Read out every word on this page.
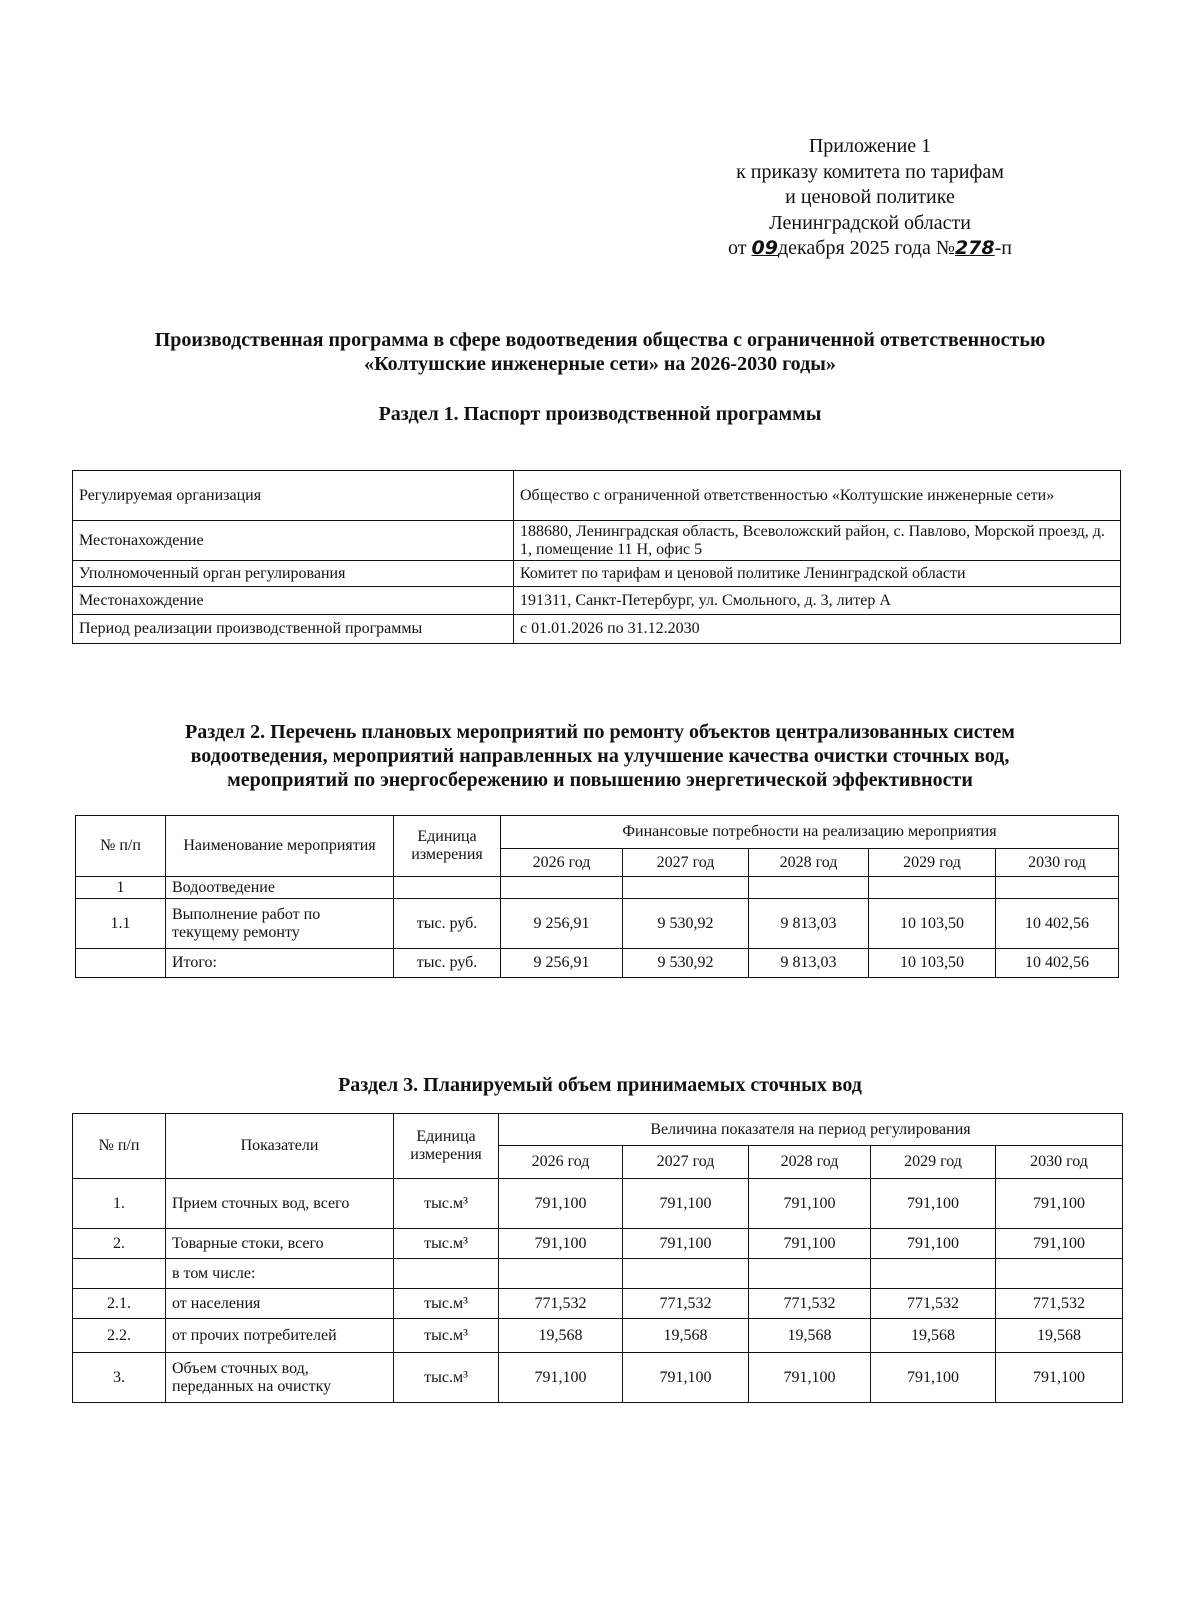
Приложение 1
к приказу комитета по тарифам
и ценовой политике
Ленинградской области
от 09декабря 2025 года №278-п
Производственная программа в сфере водоотведения общества с ограниченной ответственностью
«Колтушские инженерные сети» на 2026-2030 годы»
Раздел 1. Паспорт производственной программы
Регулируемая организация	Общество с ограниченной ответственностью «Колтушские инженерные сети»
Местонахождение	188680, Ленинградская область, Всеволожский район, с. Павлово, Морской проезд, д. 1, помещение 11 Н, офис 5
Уполномоченный орган регулирования	Комитет по тарифам и ценовой политике Ленинградской области
Местонахождение	191311, Санкт-Петербург, ул. Смольного, д. 3, литер А
Период реализации производственной программы	с 01.01.2026 по 31.12.2030
Раздел 2. Перечень плановых мероприятий по ремонту объектов централизованных систем
водоотведения, мероприятий направленных на улучшение качества очистки сточных вод,
мероприятий по энергосбережению и повышению энергетической эффективности
№ п/п	Наименование мероприятия	Единица измерения	Финансовые потребности на реализацию мероприятия				
			2026 год	2027 год	2028 год	2029 год	2030 год
1	Водоотведение						
1.1	Выполнение работ по текущему ремонту	тыс. руб.	9 256,91	9 530,92	9 813,03	10 103,50	10 402,56
	Итого:	тыс. руб.	9 256,91	9 530,92	9 813,03	10 103,50	10 402,56
Раздел 3. Планируемый объем принимаемых сточных вод
№ п/п	Показатели	Единица измерения	Величина показателя на период регулирования				
			2026 год	2027 год	2028 год	2029 год	2030 год
1.	Прием сточных вод, всего	тыс.м³	791,100	791,100	791,100	791,100	791,100
2.	Товарные стоки, всего	тыс.м³	791,100	791,100	791,100	791,100	791,100
	в том числе:						
2.1.	от населения	тыс.м³	771,532	771,532	771,532	771,532	771,532
2.2.	от прочих потребителей	тыс.м³	19,568	19,568	19,568	19,568	19,568
3.	Объем сточных вод, переданных на очистку	тыс.м³	791,100	791,100	791,100	791,100	791,100
